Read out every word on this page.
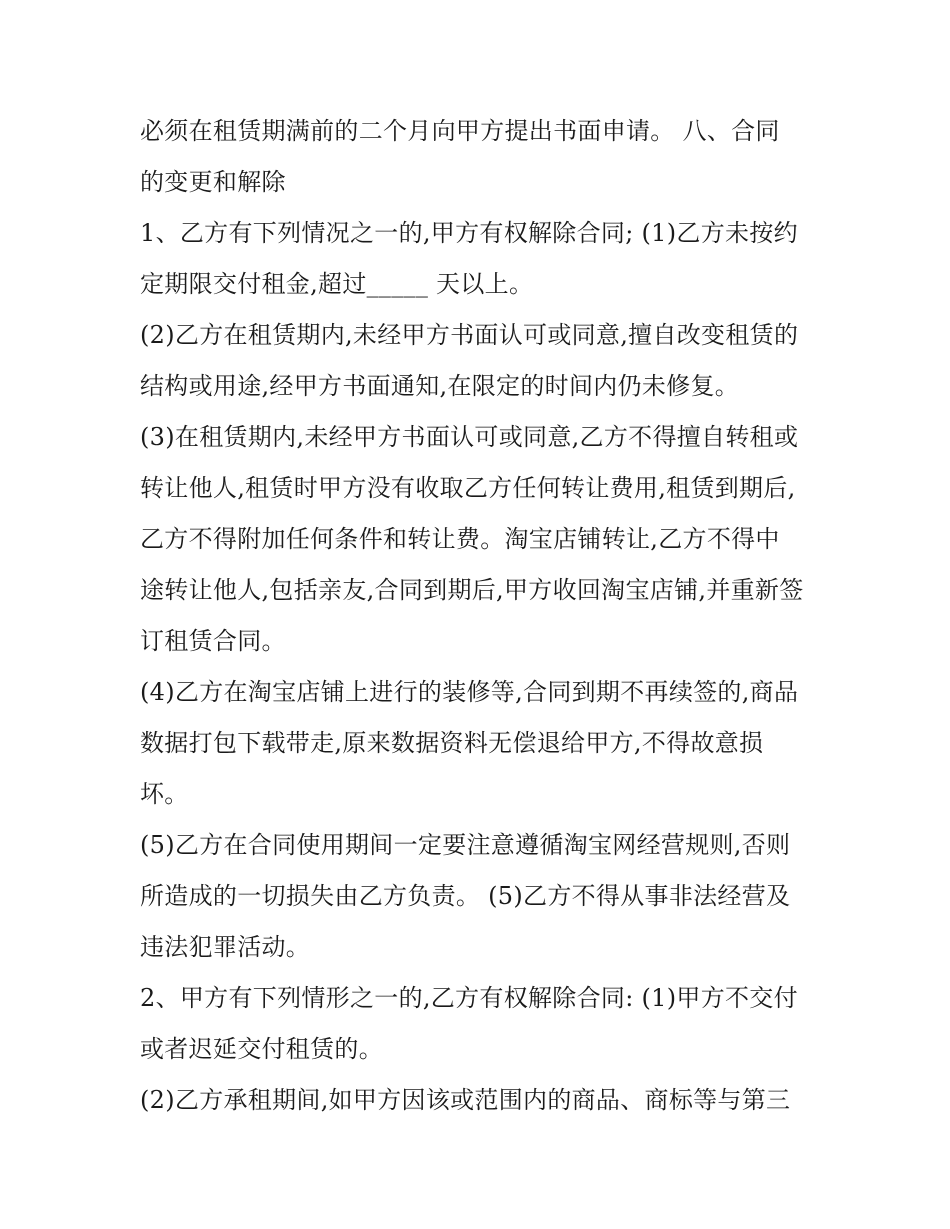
必须在租赁期满前的二个月向甲方提出书面申请。 八、合同
的变更和解除
1、乙方有下列情况之一的,甲方有权解除合同; (1)乙方未按约
定期限交付租金,超过_____ 天以上。
(2)乙方在租赁期内,未经甲方书面认可或同意,擅自改变租赁的
结构或用途,经甲方书面通知,在限定的时间内仍未修复。
(3)在租赁期内,未经甲方书面认可或同意,乙方不得擅自转租或
转让他人,租赁时甲方没有收取乙方任何转让费用,租赁到期后,
乙方不得附加任何条件和转让费。淘宝店铺转让,乙方不得中
途转让他人,包括亲友,合同到期后,甲方收回淘宝店铺,并重新签
订租赁合同。
(4)乙方在淘宝店铺上进行的装修等,合同到期不再续签的,商品
数据打包下载带走,原来数据资料无偿退给甲方,不得故意损
坏。
(5)乙方在合同使用期间一定要注意遵循淘宝网经营规则,否则
所造成的一切损失由乙方负责。 (5)乙方不得从事非法经营及
违法犯罪活动。
2、甲方有下列情形之一的,乙方有权解除合同: (1)甲方不交付
或者迟延交付租赁的。
(2)乙方承租期间,如甲方因该或范围内的商品、商标等与第三
